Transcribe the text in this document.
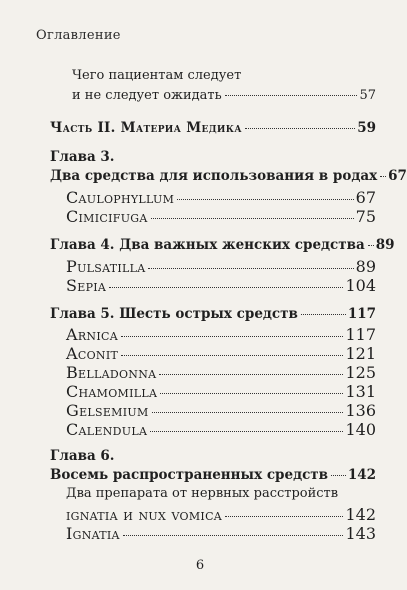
Оглавление
Чего пациентам следует
и не следует ожидать	57
Часть II. Материа Медика	59
Глава 3.
Два средства для использования в родах 67
Caulophyllum	67
Cimicifuga	75
Глава 4. Два важных женских средства 89
Pulsatilla	89
Sepia	104
Глава 5. Шесть острых средств	117
Arnica	117
Aconit	121
Belladonna	125
Chamomilla	131
Gelsemium	136
Calendula	140
Глава 6.
Восемь распространенных средств 142
Два препарата от нервных расстройств
ignatia и nux vomica	142
Ignatia	143
6
